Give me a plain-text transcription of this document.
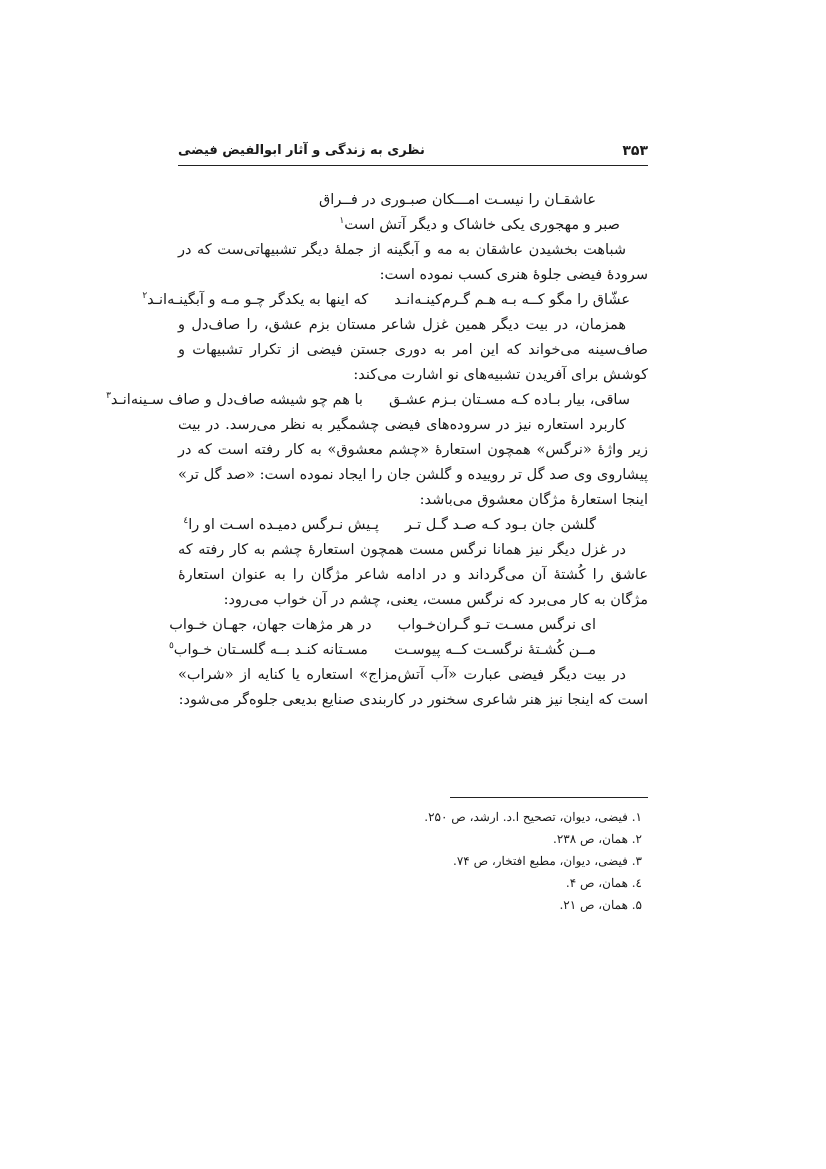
۳۵۳
نظری به زندگی و آثار ابوالفیض فیضی
عاشقـان را نیسـت امـــکان صبـوری در فــراق
صبر و مهجوری یکی خاشاک و دیگر آتش است$^۱$

شباهت بخشیدن عاشقان به مه و آبگینه از جملهٔ دیگر تشبیهاتی‌ست که در سرودهٔ فیضی جلوهٔ هنری کسب نموده است:

عشّاق را مگو کــه بـه هـم گـرم‌کینـه‌انـدکه اینها به یکدگر چـو مـه و آبگینـه‌انـد$^۲$

همزمان، در بیت دیگر همین غزل شاعر مستان بزم عشق، را صاف‌دل و صاف‌سینه می‌خواند که این امر به دوری جستن فیضی از تکرار تشبیهات و کوشش برای آفریدن تشبیه‌های نو اشارت می‌کند:

ساقی، بیار بـاده کـه مسـتان بـزم عشـقبا هم چو شیشه صاف‌دل و صاف سـینه‌انـد$^۳$

کاربرد استعاره نیز در سروده‌های فیضی چشمگیر به نظر می‌رسد. در بیت زیر واژهٔ «نرگس» همچون استعارهٔ «چشم معشوق» به کار رفته است که در پیشاروی وی صد گل تر روییده و گلشن جان را ایجاد نموده است: «صد گل تر» اینجا استعارهٔ مژگان معشوق می‌باشد:

گلشن جان بـود کـه صـد گـل تـرپـیش نـرگس دمیـده اسـت او را$^٤$

در غزل دیگر نیز همانا نرگس مست همچون استعارهٔ چشم به کار رفته که عاشق را کُشتهٔ آن می‌گرداند و در ادامه شاعر مژگان را به عنوان استعارهٔ مژگان به کار می‌برد که نرگس مست، یعنی، چشم در آن خواب می‌رود:

ای نرگس مسـت تـو گـران‌خـوابدر هر مژهات جهان، جهـان خـواب
مــن کُشـتهٔ نرگسـت کــه پیوسـتمسـتانه کنـد بــه گلسـتان خـواب$^٥$

در بیت دیگر فیضی عبارت «آب آتش‌مزاج» استعاره یا کنایه از «شراب» است که اینجا نیز هنر شاعری سخنور در کاربندی صنایع بدیعی جلوه‌گر می‌شود:

۱. فیضی، دیوان، تصحیح ا.د. ارشد، ص ۲۵۰.
۲. همان، ص ۲۳۸.
۳. فیضی، دیوان، مطبع افتخار، ص ۷۴.
٤. همان، ص ۴.
۵. همان، ص ۲۱.
